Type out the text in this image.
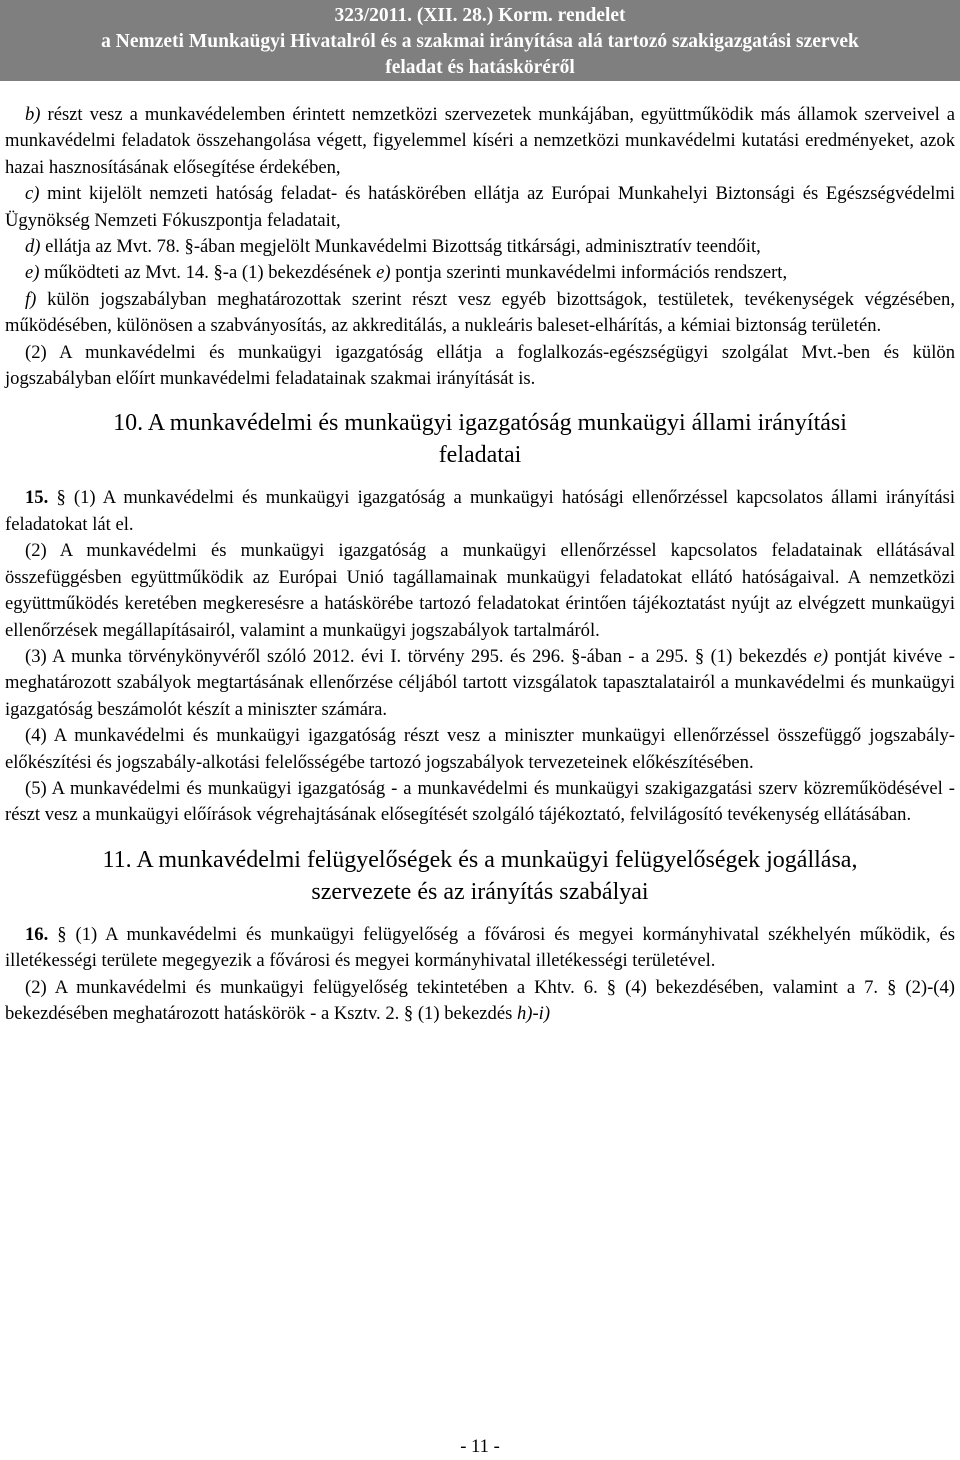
323/2011. (XII. 28.) Korm. rendelet
a Nemzeti Munkaügyi Hivatalról és a szakmai irányítása alá tartozó szakigazgatási szervek
feladat és hatásköréről
b) részt vesz a munkavédelemben érintett nemzetközi szervezetek munkájában, együttműködik más államok szerveivel a munkavédelmi feladatok összehangolása végett, figyelemmel kíséri a nemzetközi munkavédelmi kutatási eredményeket, azok hazai hasznosításának elősegítése érdekében,
c) mint kijelölt nemzeti hatóság feladat- és hatáskörében ellátja az Európai Munkahelyi Biztonsági és Egészségvédelmi Ügynökség Nemzeti Fókuszpontja feladatait,
d) ellátja az Mvt. 78. §-ában megjelölt Munkavédelmi Bizottság titkársági, adminisztratív teendőit,
e) működteti az Mvt. 14. §-a (1) bekezdésének e) pontja szerinti munkavédelmi információs rendszert,
f) külön jogszabályban meghatározottak szerint részt vesz egyéb bizottságok, testületek, tevékenységek végzésében, működésében, különösen a szabványosítás, az akkreditálás, a nukleáris baleset-elhárítás, a kémiai biztonság területén.
(2) A munkavédelmi és munkaügyi igazgatóság ellátja a foglalkozás-egészségügyi szolgálat Mvt.-ben és külön jogszabályban előírt munkavédelmi feladatainak szakmai irányítását is.
10. A munkavédelmi és munkaügyi igazgatóság munkaügyi állami irányítási
feladatai
15. § (1) A munkavédelmi és munkaügyi igazgatóság a munkaügyi hatósági ellenőrzéssel kapcsolatos állami irányítási feladatokat lát el.
(2) A munkavédelmi és munkaügyi igazgatóság a munkaügyi ellenőrzéssel kapcsolatos feladatainak ellátásával összefüggésben együttműködik az Európai Unió tagállamainak munkaügyi feladatokat ellátó hatóságaival. A nemzetközi együttműködés keretében megkeresésre a hatáskörébe tartozó feladatokat érintően tájékoztatást nyújt az elvégzett munkaügyi ellenőrzések megállapításairól, valamint a munkaügyi jogszabályok tartalmáról.
(3) A munka törvénykönyvéről szóló 2012. évi I. törvény 295. és 296. §-ában - a 295. § (1) bekezdés e) pontját kivéve - meghatározott szabályok megtartásának ellenőrzése céljából tartott vizsgálatok tapasztalatairól a munkavédelmi és munkaügyi igazgatóság beszámolót készít a miniszter számára.
(4) A munkavédelmi és munkaügyi igazgatóság részt vesz a miniszter munkaügyi ellenőrzéssel összefüggő jogszabály-előkészítési és jogszabály-alkotási felelősségébe tartozó jogszabályok tervezeteinek előkészítésében.
(5) A munkavédelmi és munkaügyi igazgatóság - a munkavédelmi és munkaügyi szakigazgatási szerv közreműködésével - részt vesz a munkaügyi előírások végrehajtásának elősegítését szolgáló tájékoztató, felvilágosító tevékenység ellátásában.
11. A munkavédelmi felügyelőségek és a munkaügyi felügyelőségek jogállása,
szervezete és az irányítás szabályai
16. § (1) A munkavédelmi és munkaügyi felügyelőség a fővárosi és megyei kormányhivatal székhelyén működik, és illetékességi területe megegyezik a fővárosi és megyei kormányhivatal illetékességi területével.
(2) A munkavédelmi és munkaügyi felügyelőség tekintetében a Khtv. 6. § (4) bekezdésében, valamint a 7. § (2)-(4) bekezdésében meghatározott hatáskörök - a Ksztv. 2. § (1) bekezdés h)-i)
- 11 -
